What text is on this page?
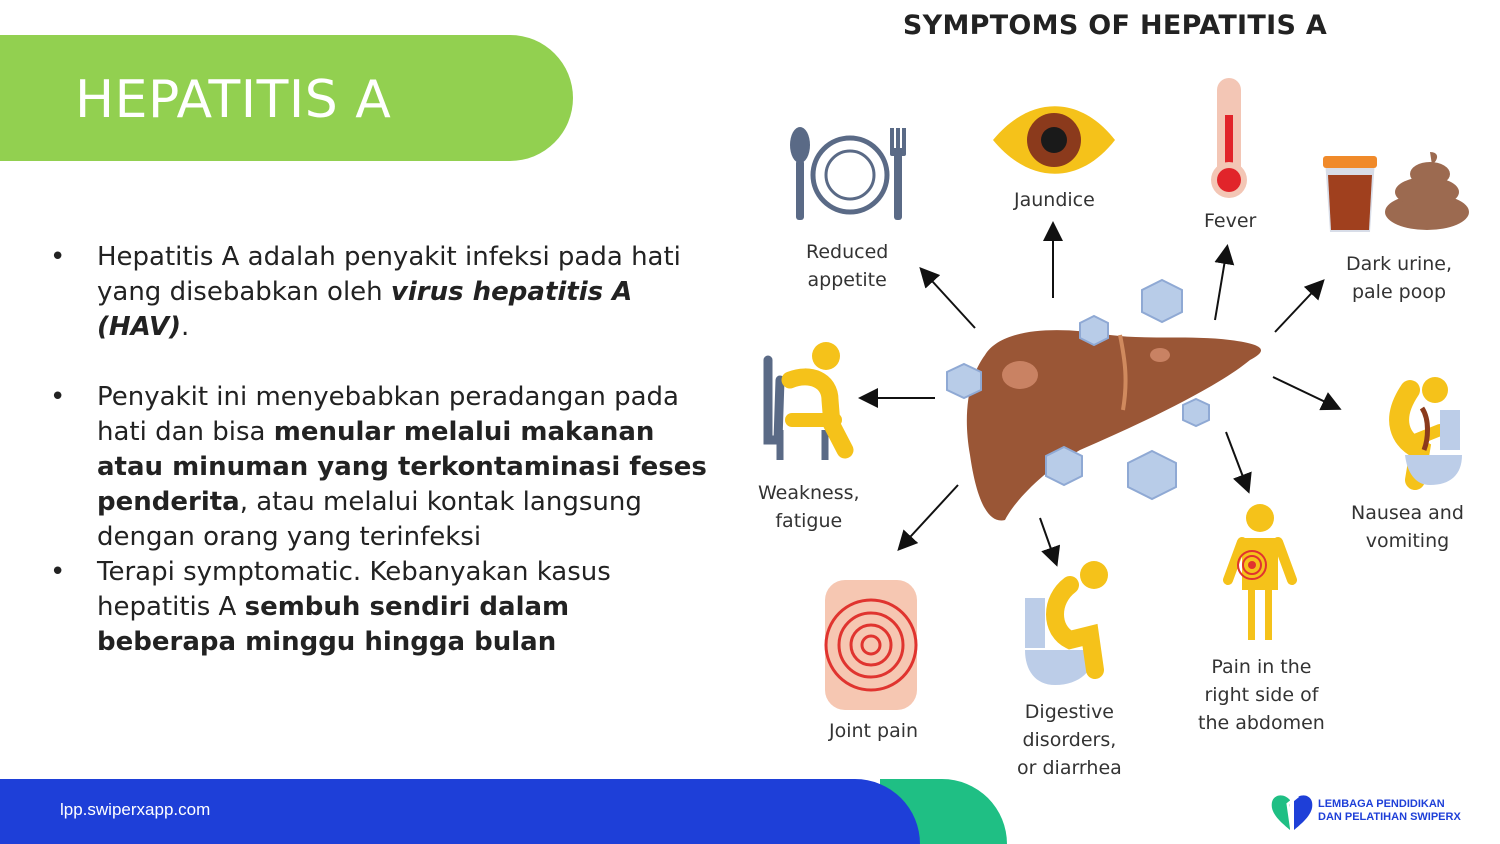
HEPATITIS A
•	Hepatitis A adalah penyakit infeksi pada hati yang disebabkan oleh virus hepatitis A (HAV).
•	Penyakit ini menyebabkan peradangan pada hati dan bisa menular melalui makanan atau minuman yang terkontaminasi feses penderita, atau melalui kontak langsung dengan orang yang terinfeksi
•	Terapi symptomatic. Kebanyakan kasus hepatitis A sembuh sendiri dalam beberapa minggu hingga bulan
SYMPTOMS OF HEPATITIS A
Reduced
appetite
Jaundice
Fever
Dark urine,
pale poop
Weakness,
fatigue	Nausea and
vomiting
Joint pain
Digestive
disorders,
or diarrhea
Pain in the
right side of
the abdomen
lpp.swiperxapp.com	LEMBAGA PENDIDIKAN
DAN PELATIHAN SWIPERX
